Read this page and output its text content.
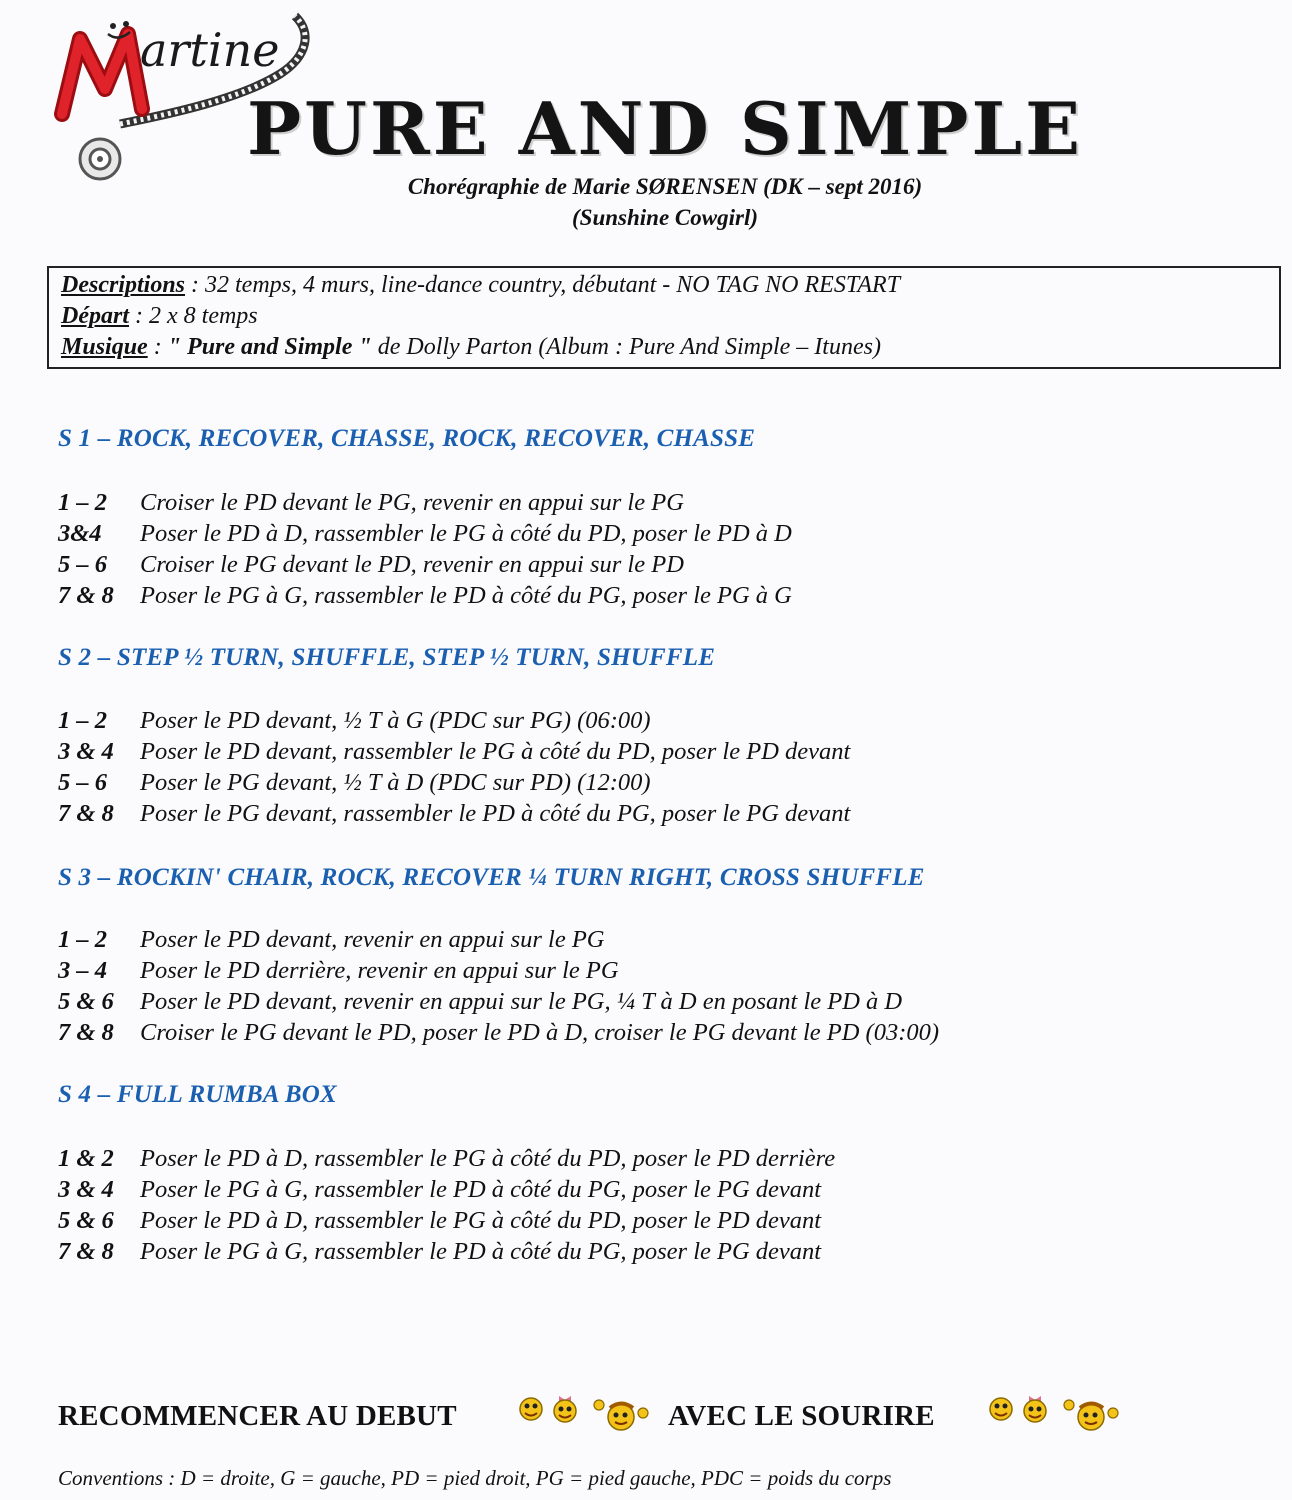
artine
PURE AND SIMPLE
Chorégraphie de Marie SØRENSEN (DK – sept 2016)
(Sunshine Cowgirl)
Descriptions : 32 temps, 4 murs, line-dance country, débutant - NO TAG NO RESTART
Départ : 2 x 8 temps
Musique : " Pure and Simple " de Dolly Parton (Album : Pure And Simple – Itunes)
S 1 – ROCK, RECOVER, CHASSE, ROCK, RECOVER, CHASSE
1 – 2 Croiser le PD devant le PG, revenir en appui sur le PG
3&4 Poser le PD à D, rassembler le PG à côté du PD, poser le PD à D
5 – 6 Croiser le PG devant le PD, revenir en appui sur le PD
7 & 8 Poser le PG à G, rassembler le PD à côté du PG, poser le PG à G
S 2 – STEP ½ TURN, SHUFFLE, STEP ½ TURN, SHUFFLE
1 – 2 Poser le PD devant, ½ T à G (PDC sur PG) (06:00)
3 & 4 Poser le PD devant, rassembler le PG à côté du PD, poser le PD devant
5 – 6 Poser le PG devant, ½ T à D (PDC sur PD) (12:00)
7 & 8 Poser le PG devant, rassembler le PD à côté du PG, poser le PG devant
S 3 – ROCKIN' CHAIR, ROCK, RECOVER ¼ TURN RIGHT, CROSS SHUFFLE
1 – 2 Poser le PD devant, revenir en appui sur le PG
3 – 4 Poser le PD derrière, revenir en appui sur le PG
5 & 6 Poser le PD devant, revenir en appui sur le PG, ¼ T à D en posant le PD à D
7 & 8 Croiser le PG devant le PD, poser le PD à D, croiser le PG devant le PD (03:00)
S 4 – FULL RUMBA BOX
1 & 2 Poser le PD à D, rassembler le PG à côté du PD, poser le PD derrière
3 & 4 Poser le PG à G, rassembler le PD à côté du PG, poser le PG devant
5 & 6 Poser le PD à D, rassembler le PG à côté du PD, poser le PD devant
7 & 8 Poser le PG à G, rassembler le PD à côté du PG, poser le PG devant
RECOMMENCER AU DEBUT	AVEC LE SOURIRE
Conventions : D = droite, G = gauche, PD = pied droit, PG = pied gauche, PDC = poids du corps
